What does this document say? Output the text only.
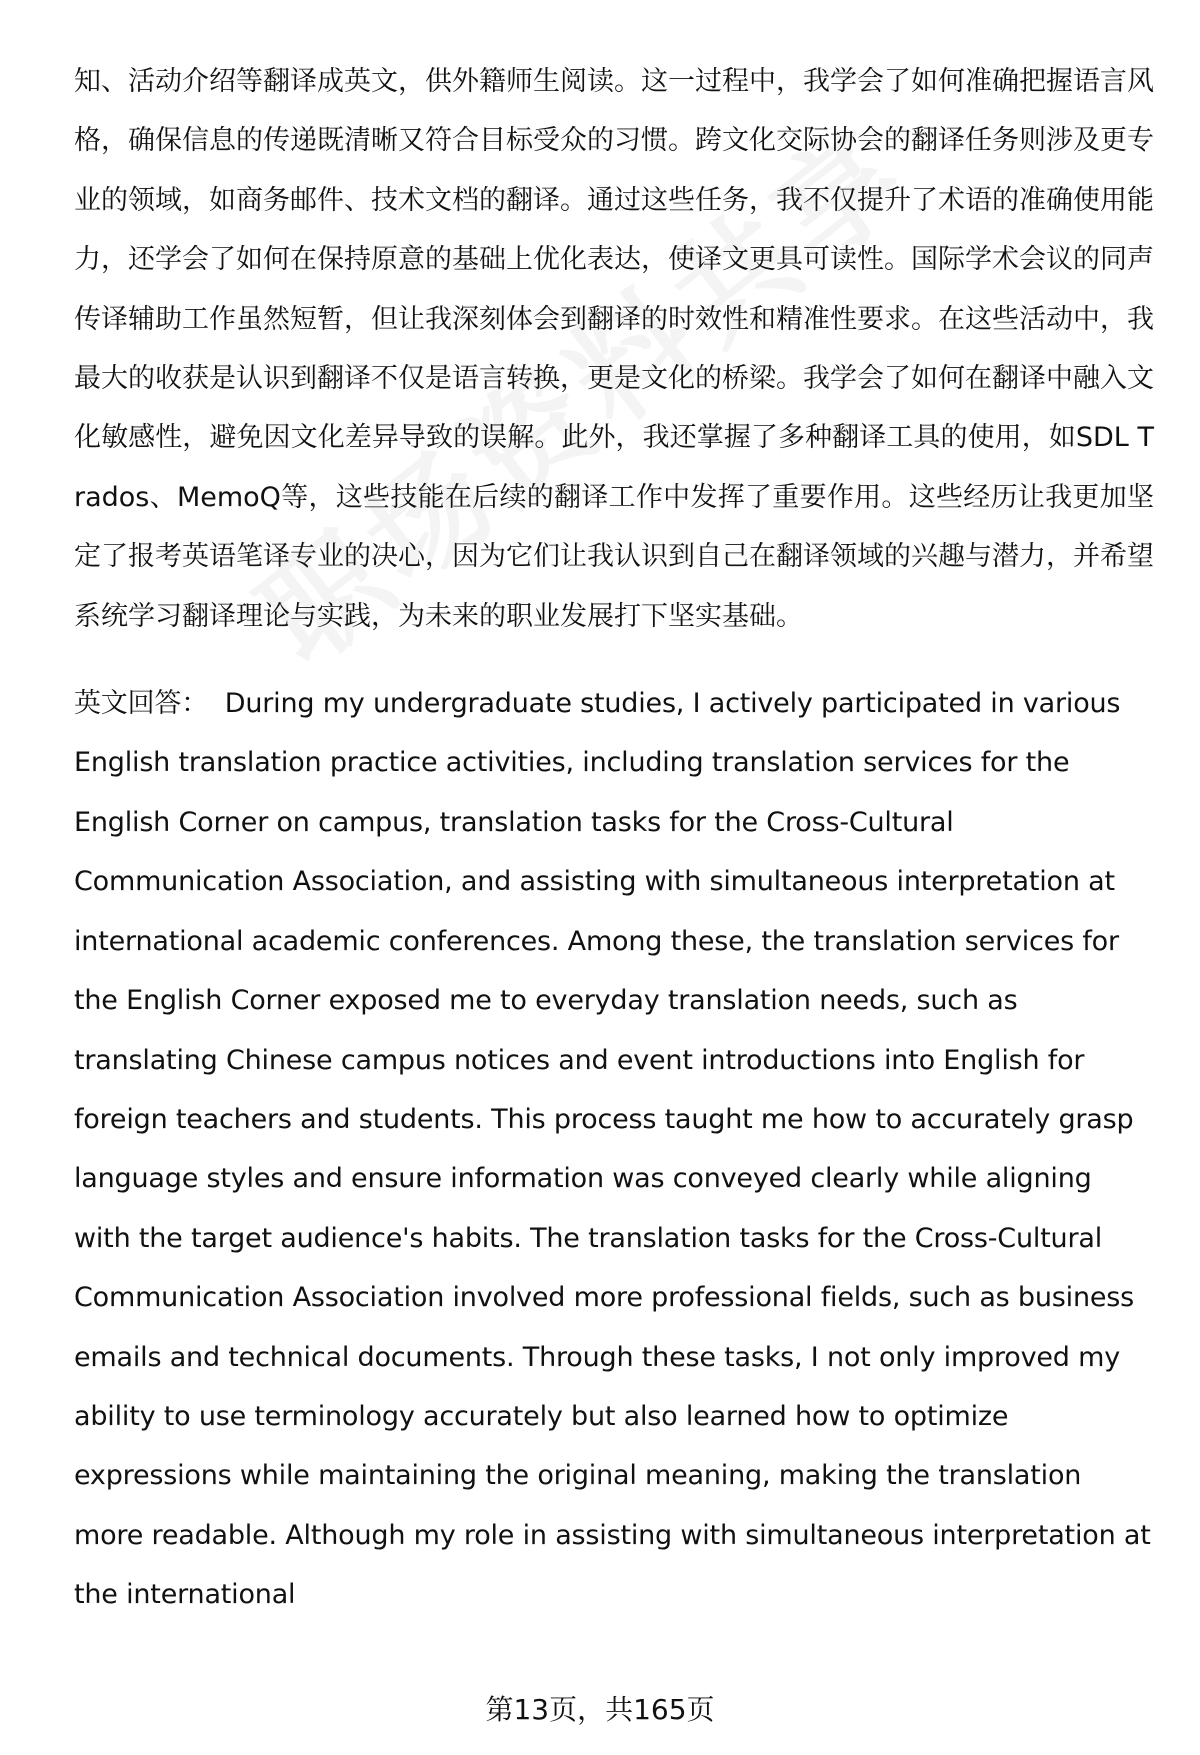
知、活动介绍等翻译成英文，供外籍师生阅读。这一过程中，我学会了如何准确把握语言风格，确保信息的传递既清晰又符合目标受众的习惯。跨文化交际协会的翻译任务则涉及更专业的领域，如商务邮件、技术文档的翻译。通过这些任务，我不仅提升了术语的准确使用能力，还学会了如何在保持原意的基础上优化表达，使译文更具可读性。国际学术会议的同声传译辅助工作虽然短暂，但让我深刻体会到翻译的时效性和精准性要求。在这些活动中，我最大的收获是认识到翻译不仅是语言转换，更是文化的桥梁。我学会了如何在翻译中融入文化敏感性，避免因文化差异导致的误解。此外，我还掌握了多种翻译工具的使用，如SDL Trados、MemoQ等，这些技能在后续的翻译工作中发挥了重要作用。这些经历让我更加坚定了报考英语笔译专业的决心，因为它们让我认识到自己在翻译领域的兴趣与潜力，并希望系统学习翻译理论与实践，为未来的职业发展打下坚实基础。

英文回答： During my undergraduate studies, I actively participated in various English translation practice activities, including translation services for the English Corner on campus, translation tasks for the Cross-Cultural Communication Association, and assisting with simultaneous interpretation at international academic conferences. Among these, the translation services for the English Corner exposed me to everyday translation needs, such as translating Chinese campus notices and event introductions into English for foreign teachers and students. This process taught me how to accurately grasp language styles and ensure information was conveyed clearly while aligning with the target audience's habits. The translation tasks for the Cross-Cultural Communication Association involved more professional fields, such as business emails and technical documents. Through these tasks, I not only improved my ability to use terminology accurately but also learned how to optimize expressions while maintaining the original meaning, making the translation more readable. Although my role in assisting with simultaneous interpretation at the international

第13页，共165页
